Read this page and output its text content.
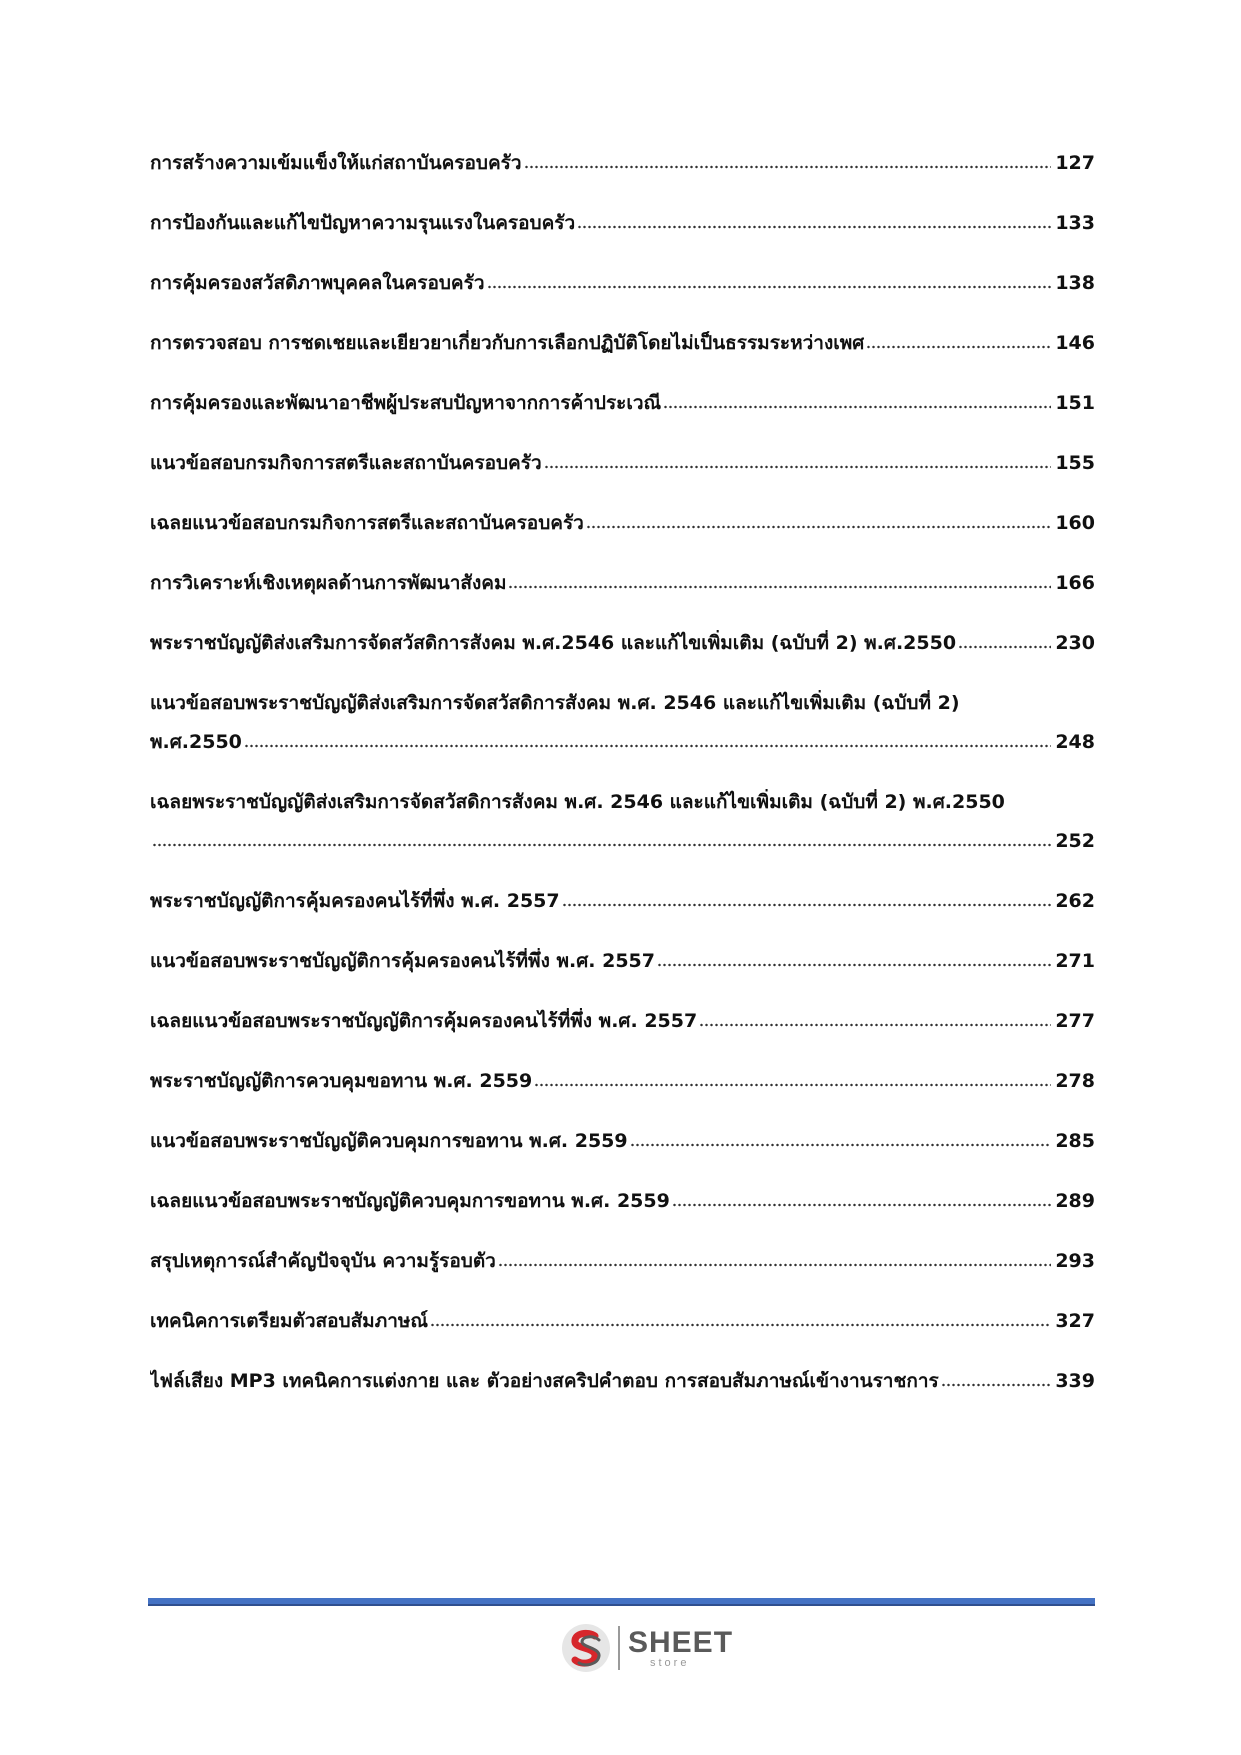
การสร้างความเข้มแข็งให้แก่สถาบันครอบครัว	127
การป้องกันและแก้ไขปัญหาความรุนแรงในครอบครัว	133
การคุ้มครองสวัสดิภาพบุคคลในครอบครัว	138
การตรวจสอบ การชดเชยและเยียวยาเกี่ยวกับการเลือกปฏิบัติโดยไม่เป็นธรรมระหว่างเพศ	146
การคุ้มครองและพัฒนาอาชีพผู้ประสบปัญหาจากการค้าประเวณี	151
แนวข้อสอบกรมกิจการสตรีและสถาบันครอบครัว	155
เฉลยแนวข้อสอบกรมกิจการสตรีและสถาบันครอบครัว	160
การวิเคราะห์เชิงเหตุผลด้านการพัฒนาสังคม	166
พระราชบัญญัติส่งเสริมการจัดสวัสดิการสังคม พ.ศ.2546 และแก้ไขเพิ่มเติม (ฉบับที่ 2) พ.ศ.2550	230
แนวข้อสอบพระราชบัญญัติส่งเสริมการจัดสวัสดิการสังคม พ.ศ. 2546 และแก้ไขเพิ่มเติม (ฉบับที่ 2)
พ.ศ.2550	248
เฉลยพระราชบัญญัติส่งเสริมการจัดสวัสดิการสังคม พ.ศ. 2546 และแก้ไขเพิ่มเติม (ฉบับที่ 2) พ.ศ.2550
252
พระราชบัญญัติการคุ้มครองคนไร้ที่พึ่ง พ.ศ. 2557	262
แนวข้อสอบพระราชบัญญัติการคุ้มครองคนไร้ที่พึ่ง พ.ศ. 2557	271
เฉลยแนวข้อสอบพระราชบัญญัติการคุ้มครองคนไร้ที่พึ่ง พ.ศ. 2557	277
พระราชบัญญัติการควบคุมขอทาน พ.ศ. 2559	278
แนวข้อสอบพระราชบัญญัติควบคุมการขอทาน พ.ศ. 2559	285
เฉลยแนวข้อสอบพระราชบัญญัติควบคุมการขอทาน พ.ศ. 2559	289
สรุปเหตุการณ์สำคัญปัจจุบัน ความรู้รอบตัว	293
เทคนิคการเตรียมตัวสอบสัมภาษณ์	327
ไฟล์เสียง MP3 เทคนิคการแต่งกาย และ ตัวอย่างสคริปคำตอบ การสอบสัมภาษณ์เข้างานราชการ	339
SHEET
store
